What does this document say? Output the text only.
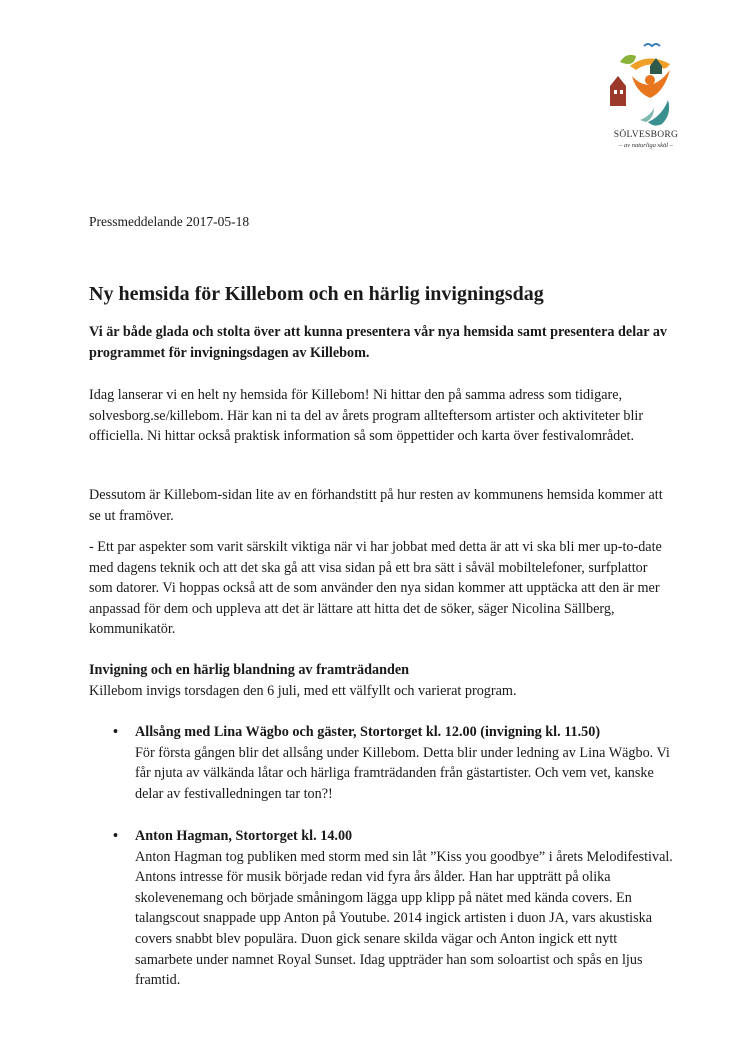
SÖLVESBORG
– av naturliga skäl –

Pressmeddelande 2017-05-18

Ny hemsida för Killebom och en härlig invigningsdag

Vi är både glada och stolta över att kunna presentera vår nya hemsida samt presentera delar av programmet för invigningsdagen av Killebom.

Idag lanserar vi en helt ny hemsida för Killebom! Ni hittar den på samma adress som tidigare, solvesborg.se/killebom. Här kan ni ta del av årets program allteftersom artister och aktiviteter blir officiella. Ni hittar också praktisk information så som öppettider och karta över festivalområdet.

Dessutom är Killebom-sidan lite av en förhandstitt på hur resten av kommunens hemsida kommer att se ut framöver.

- Ett par aspekter som varit särskilt viktiga när vi har jobbat med detta är att vi ska bli mer up-to-date med dagens teknik och att det ska gå att visa sidan på ett bra sätt i såväl mobiltelefoner, surfplattor som datorer. Vi hoppas också att de som använder den nya sidan kommer att upptäcka att den är mer anpassad för dem och uppleva att det är lättare att hitta det de söker, säger Nicolina Sällberg, kommunikatör.

Invigning och en härlig blandning av framträdanden

Killebom invigs torsdagen den 6 juli, med ett välfyllt och varierat program.

• Allsång med Lina Wägbo och gäster, Stortorget kl. 12.00 (invigning kl. 11.50)
För första gången blir det allsång under Killebom. Detta blir under ledning av Lina Wägbo. Vi får njuta av välkända låtar och härliga framträdanden från gästartister. Och vem vet, kanske delar av festivalledningen tar ton?!
• Anton Hagman, Stortorget kl. 14.00
Anton Hagman tog publiken med storm med sin låt ”Kiss you goodbye” i årets Melodifestival. Antons intresse för musik började redan vid fyra års ålder. Han har uppträtt på olika skolevenemang och började småningom lägga upp klipp på nätet med kända covers. En talangscout snappade upp Anton på Youtube. 2014 ingick artisten i duon JA, vars akustiska covers snabbt blev populära. Duon gick senare skilda vägar och Anton ingick ett nytt samarbete under namnet Royal Sunset. Idag uppträder han som soloartist och spås en ljus framtid.
